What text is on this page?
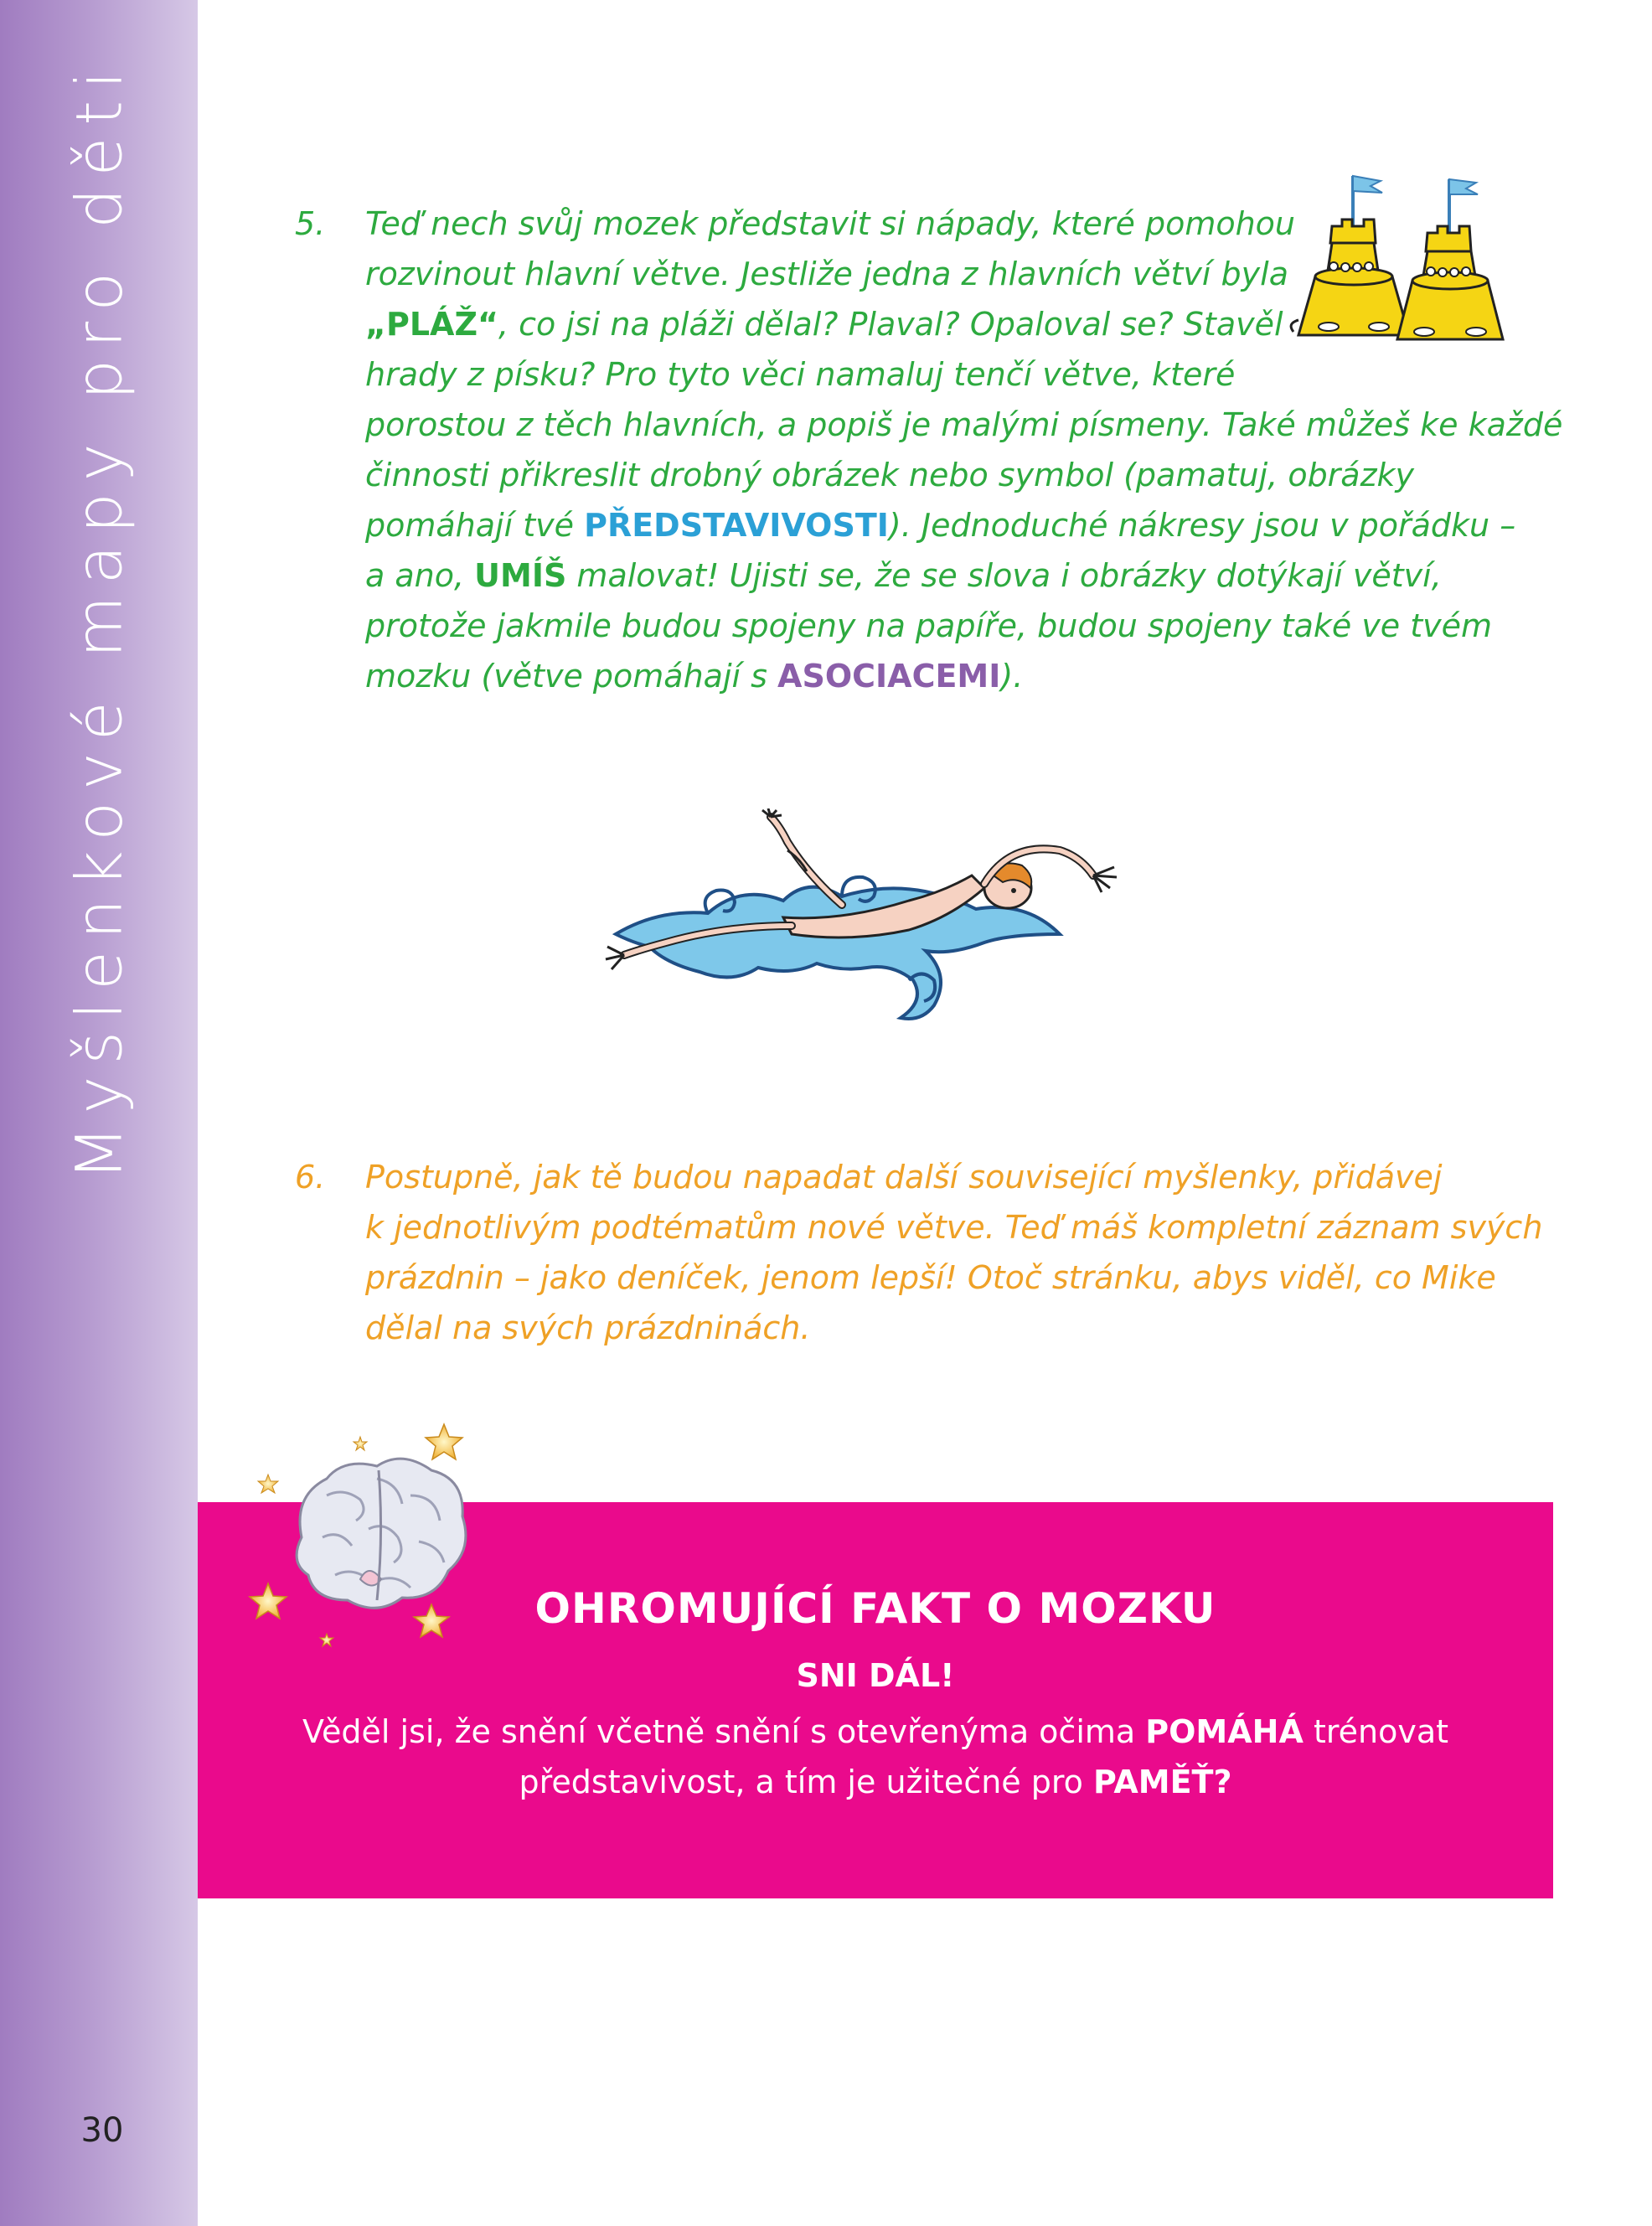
Myšlenkové mapy pro děti
30
5. Teď nech svůj mozek představit si nápady, které pomohou
rozvinout hlavní větve. Jestliže jedna z hlavních větví byla
„PLÁŽ“, co jsi na pláži dělal? Plaval? Opaloval se? Stavěl
hrady z písku? Pro tyto věci namaluj tenčí větve, které
porostou z těch hlavních, a popiš je malými písmeny. Také můžeš ke každé
činnosti přikreslit drobný obrázek nebo symbol (pamatuj, obrázky
pomáhají tvé PŘEDSTAVIVOSTI). Jednoduché nákresy jsou v pořádku –
a ano, UMÍŠ malovat! Ujisti se, že se slova i obrázky dotýkají větví,
protože jakmile budou spojeny na papíře, budou spojeny také ve tvém
mozku (větve pomáhají s ASOCIACEMI).

6. Postupně, jak tě budou napadat další související myšlenky, přidávej
k jednotlivým podtématům nové větve. Teď máš kompletní záznam svých
prázdnin – jako deníček, jenom lepší! Otoč stránku, abys viděl, co Mike
dělal na svých prázdninách.

OHROMUJÍCÍ FAKT O MOZKU
SNI DÁL!
Věděl jsi, že snění včetně snění s otevřenýma očima POMÁHÁ trénovat
představivost, a tím je užitečné pro PAMĚŤ?
